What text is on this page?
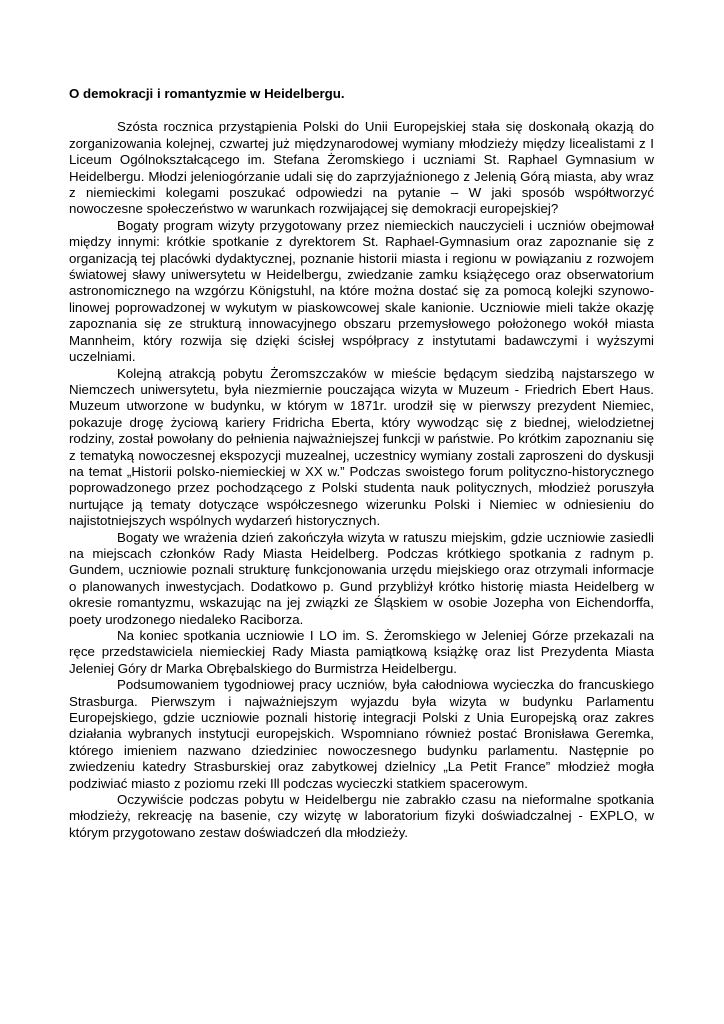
O demokracji i romantyzmie w Heidelbergu.

Szósta rocznica przystąpienia Polski do Unii Europejskiej stała się doskonałą okazją do zorganizowania kolejnej, czwartej już międzynarodowej wymiany młodzieży między licealistami z I Liceum Ogólnokształcącego im. Stefana Żeromskiego i uczniami St. Raphael Gymnasium w Heidelbergu. Młodzi jeleniogórzanie udali się do zaprzyjaźnionego z Jelenią Górą miasta, aby wraz z niemieckimi kolegami poszukać odpowiedzi na pytanie – W jaki sposób współtworzyć nowoczesne społeczeństwo w warunkach rozwijającej się demokracji europejskiej?

Bogaty program wizyty przygotowany przez niemieckich nauczycieli i uczniów obejmował między innymi: krótkie spotkanie z dyrektorem St. Raphael-Gymnasium oraz zapoznanie się z organizacją tej placówki dydaktycznej, poznanie historii miasta i regionu w powiązaniu z rozwojem światowej sławy uniwersytetu w Heidelbergu, zwiedzanie zamku książęcego oraz obserwatorium astronomicznego na wzgórzu Königstuhl, na które można dostać się za pomocą kolejki szynowo-linowej poprowadzonej w wykutym w piaskowcowej skale kanionie. Uczniowie mieli także okazję zapoznania się ze strukturą innowacyjnego obszaru przemysłowego położonego wokół miasta Mannheim, który rozwija się dzięki ścisłej współpracy z instytutami badawczymi i wyższymi uczelniami.

Kolejną atrakcją pobytu Żeromszczaków w mieście będącym siedzibą najstarszego w Niemczech uniwersytetu, była niezmiernie pouczająca wizyta w Muzeum - Friedrich Ebert Haus. Muzeum utworzone w budynku, w którym w 1871r. urodził się w pierwszy prezydent Niemiec, pokazuje drogę życiową kariery Fridricha Eberta, który wywodząc się z biednej, wielodzietnej rodziny, został powołany do pełnienia najważniejszej funkcji w państwie. Po krótkim zapoznaniu się z tematyką nowoczesnej ekspozycji muzealnej, uczestnicy wymiany zostali zaproszeni do dyskusji na temat „Historii polsko-niemieckiej w XX w.” Podczas swoistego forum polityczno-historycznego poprowadzonego przez pochodzącego z Polski studenta nauk politycznych, młodzież poruszyła nurtujące ją tematy dotyczące współczesnego wizerunku Polski i Niemiec w odniesieniu do najistotniejszych wspólnych wydarzeń historycznych.

Bogaty we wrażenia dzień zakończyła wizyta w ratuszu miejskim, gdzie uczniowie zasiedli na miejscach członków Rady Miasta Heidelberg. Podczas krótkiego spotkania z radnym p. Gundem, uczniowie poznali strukturę funkcjonowania urzędu miejskiego oraz otrzymali informacje o planowanych inwestycjach. Dodatkowo p. Gund przybliżył krótko historię miasta Heidelberg w okresie romantyzmu, wskazując na jej związki ze Śląskiem w osobie Jozepha von Eichendorffa, poety urodzonego niedaleko Raciborza.

Na koniec spotkania uczniowie I LO im. S. Żeromskiego w Jeleniej Górze przekazali na ręce przedstawiciela niemieckiej Rady Miasta pamiątkową książkę oraz list Prezydenta Miasta Jeleniej Góry dr Marka Obrębalskiego do Burmistrza Heidelbergu.

Podsumowaniem tygodniowej pracy uczniów, była całodniowa wycieczka do francuskiego Strasburga. Pierwszym i najważniejszym wyjazdu była wizyta w budynku Parlamentu Europejskiego, gdzie uczniowie poznali historię integracji Polski z Unia Europejską oraz zakres działania wybranych instytucji europejskich. Wspomniano również postać Bronisława Geremka, którego imieniem nazwano dziedziniec nowoczesnego budynku parlamentu. Następnie po zwiedzeniu katedry Strasburskiej oraz zabytkowej dzielnicy „La Petit France” młodzież mogła podziwiać miasto z poziomu rzeki Ill podczas wycieczki statkiem spacerowym.

Oczywiście podczas pobytu w Heidelbergu nie zabrakło czasu na nieformalne spotkania młodzieży, rekreację na basenie, czy wizytę w laboratorium fizyki doświadczalnej - EXPLO, w którym przygotowano zestaw doświadczeń dla młodzieży.
